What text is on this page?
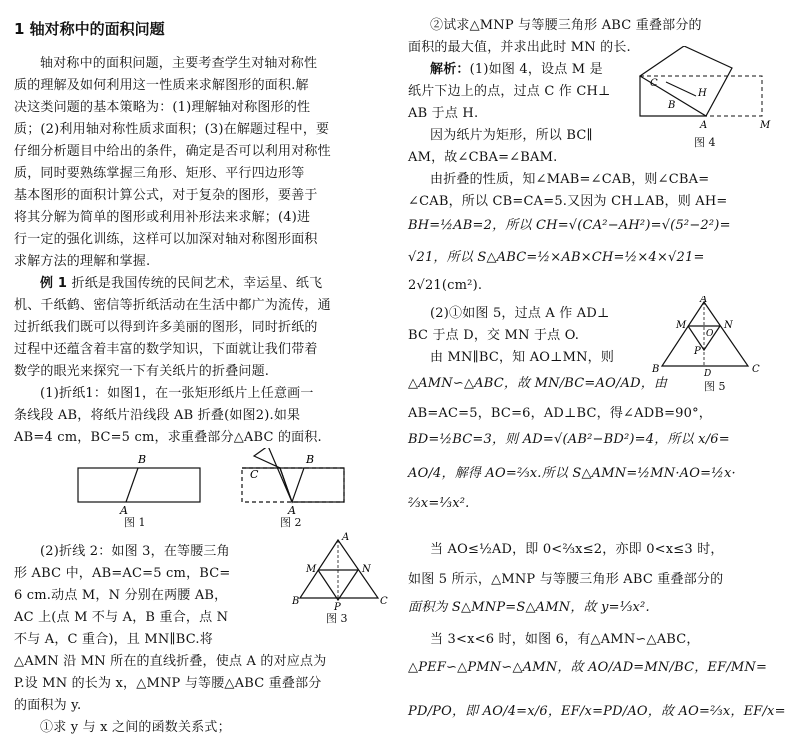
1 轴对称中的面积问题
轴对称中的面积问题，主要考查学生对轴对称性
质的理解及如何利用这一性质来求解图形的面积.解
决这类问题的基本策略为：(1)理解轴对称图形的性
质；(2)利用轴对称性质求面积；(3)在解题过程中，要
仔细分析题目中给出的条件，确定是否可以利用对称性
质，同时要熟练掌握三角形、矩形、平行四边形等
基本图形的面积计算公式，对于复杂的图形，要善于
将其分解为简单的图形或利用补形法来求解；(4)进
行一定的强化训练，这样可以加深对轴对称图形面积
求解方法的理解和掌握.
例 1 折纸是我国传统的民间艺术，幸运星、纸飞
机、千纸鹤、密信等折纸活动在生活中都广为流传，通
过折纸我们既可以得到许多美丽的图形，同时折纸的
过程中还蕴含着丰富的数学知识，下面就让我们带着
数学的眼光来探究一下有关纸片的折叠问题.
(1)折纸1：如图1，在一张矩形纸片上任意画一
条线段 AB，将纸片沿线段 AB 折叠(如图2).如果
AB=4 cm，BC=5 cm，求重叠部分△ABC 的面积.
B
A
图 1
B
C
A
图 2
(2)折线 2：如图 3，在等腰三角
形 ABC 中，AB=AC=5 cm，BC=
6 cm.动点 M，N 分别在两腰 AB，
AC 上(点 M 不与 A，B 重合，点 N
不与 A，C 重合)，且 MN∥BC.将
△AMN 沿 MN 所在的直线折叠，使点 A 的对应点为
P.设 MN 的长为 x，△MNP 与等腰△ABC 重叠部分
的面积为 y.
①求 y 与 x 之间的函数关系式；
A
M	N
B
P
C
图 3
②试求△MNP 与等腰三角形 ABC 重叠部分的
面积的最大值，并求出此时 MN 的长.
解析：(1)如图 4，设点 M 是
纸片下边上的点，过点 C 作 CH⊥
AB 于点 H.
因为纸片为矩形，所以 BC∥
AM，故∠CBA=∠BAM.
C
H
A	M
B
图 4
由折叠的性质，知∠MAB=∠CAB，则∠CBA=
∠CAB，所以 CB=CA=5.又因为 CH⊥AB，则 AH=
BH=½AB=2，所以 CH=√(CA²−AH²)=√(5²−2²)=
√21，所以 S△ABC=½×AB×CH=½×4×√21=
2√21(cm²).
(2)①如图 5，过点 A 作 AD⊥
BC 于点 D，交 MN 于点 O.
由 MN∥BC，知 AO⊥MN，则
A
M	N
O
P
B	D	C
图 5
△AMN∽△ABC，故 MN/BC=AO/AD，由
AB=AC=5，BC=6，AD⊥BC，得∠ADB=90°，
BD=½BC=3，则 AD=√(AB²−BD²)=4，所以 x/6=
AO/4，解得 AO=⅔x.所以 S△AMN=½MN·AO=½x·
⅔x=⅓x².
当 AO≤½AD，即 0<⅔x≤2，亦即 0<x≤3 时，
如图 5 所示，△MNP 与等腰三角形 ABC 重叠部分的
面积为 S△MNP=S△AMN，故 y=⅓x².
当 3<x<6 时，如图 6，有△AMN∽△ABC，
△PEF∽△PMN∽△AMN，故 AO/AD=MN/BC，EF/MN=
PD/PO，即 AO/4=x/6，EF/x=PD/AO，故 AO=⅔x，EF/x=
